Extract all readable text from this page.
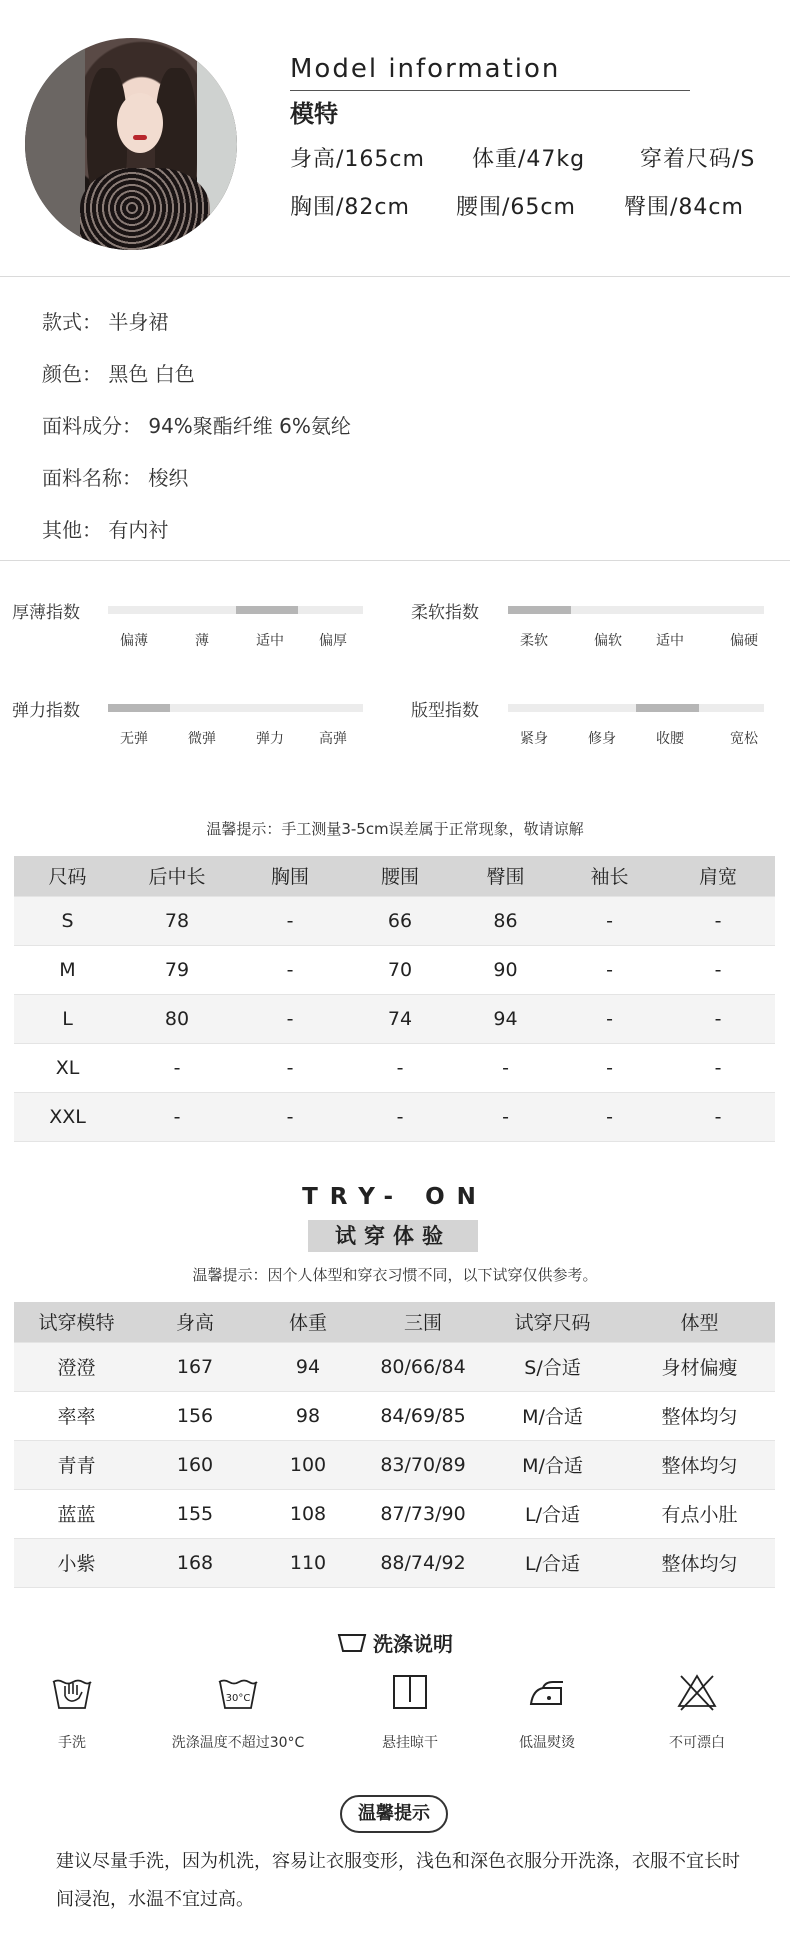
Model information
模特
身高/165cm 体重/47kg 穿着尺码/S
胸围/82cm 腰围/65cm 臀围/84cm
款式： 半身裙
颜色： 黑色 白色
面料成分： 94%聚酯纤维 6%氨纶
面料名称： 梭织
其他： 有内衬
厚薄指数
偏薄	薄	适中	偏厚
柔软指数
柔软	偏软 适中	偏硬
弹力指数
无弹	微弹	弹力	高弹
版型指数
紧身	修身	收腰	宽松
温馨提示：手工测量3-5cm误差属于正常现象，敬请谅解
尺码	后中长	胸围	腰围	臀围	袖长	肩宽
S	78	-	66	86	-	-
M	79	-	70	90	-	-
L	80	-	74	94	-	-
XL	-	-	-	-	-	-
XXL	-	-	-	-	-	-
TRY- ON
试穿体验
温馨提示：因个人体型和穿衣习惯不同，以下试穿仅供参考。
试穿模特	身高	体重	三围	试穿尺码	体型
澄澄	167	94	80/66/84	S/合适	身材偏瘦
率率	156	98	84/69/85	M/合适	整体均匀
青青	160	100	83/70/89	M/合适	整体均匀
蓝蓝	155	108	87/73/90	L/合适	有点小肚
小紫	168	110	88/74/92	L/合适	整体均匀
洗涤说明
手洗
30°C
洗涤温度不超过30°C	悬挂晾干	低温熨烫	不可漂白
温馨提示
建议尽量手洗，因为机洗，容易让衣服变形，浅色和深色衣服分开洗涤，衣服不宜长时间浸泡，水温不宜过高。
